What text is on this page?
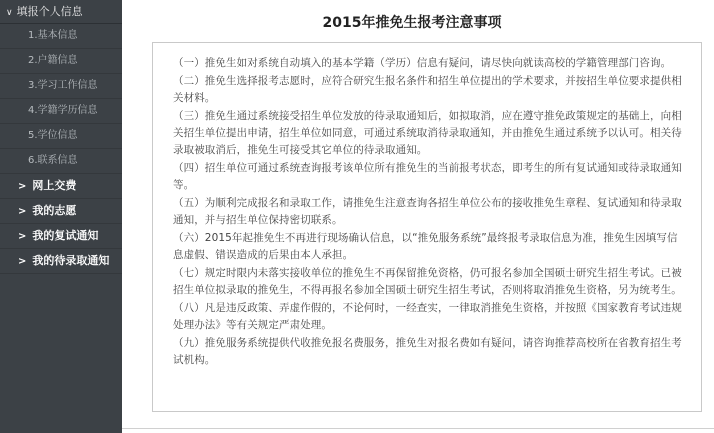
∨ 填报个人信息
1.基本信息
2.户籍信息
3.学习工作信息
4.学籍学历信息
5.学位信息
6.联系信息
> 网上交费
> 我的志愿
> 我的复试通知
> 我的待录取通知
2015年推免生报考注意事项

（一）推免生如对系统自动填入的基本学籍（学历）信息有疑问，请尽快向就读高校的学籍管理部门咨询。

（二）推免生选择报考志愿时，应符合研究生报名条件和招生单位提出的学术要求，并按招生单位要求提供相关材料。

（三）推免生通过系统接受招生单位发放的待录取通知后，如拟取消，应在遵守推免政策规定的基础上，向相关招生单位提出申请，招生单位如同意，可通过系统取消待录取通知，并由推免生通过系统予以认可。相关待录取被取消后，推免生可接受其它单位的待录取通知。

（四）招生单位可通过系统查询报考该单位所有推免生的当前报考状态，即考生的所有复试通知或待录取通知等。

（五）为顺利完成报名和录取工作，请推免生注意查询各招生单位公布的接收推免生章程、复试通知和待录取通知，并与招生单位保持密切联系。

（六）2015年起推免生不再进行现场确认信息，以“推免服务系统”最终报考录取信息为准，推免生因填写信息虚假、错误造成的后果由本人承担。

（七）规定时限内未落实接收单位的推免生不再保留推免资格，仍可报名参加全国硕士研究生招生考试。已被招生单位拟录取的推免生，不得再报名参加全国硕士研究生招生考试，否则将取消推免生资格，另为统考生。

（八）凡是违反政策、弄虚作假的，不论何时，一经查实，一律取消推免生资格，并按照《国家教育考试违规处理办法》等有关规定严肃处理。

（九）推免服务系统提供代收推免报名费服务，推免生对报名费如有疑问，请咨询推荐高校所在省教育招生考试机构。
